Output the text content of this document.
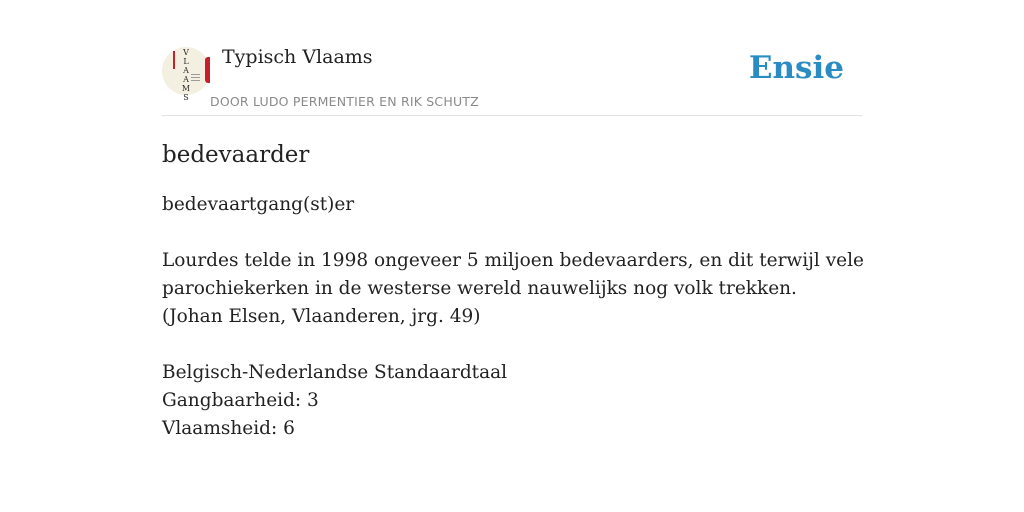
V
L
A
A
M
S
Typisch Vlaams
DOOR LUDO PERMENTIER EN RIK SCHUTZ
Ensie
bedevaarder
bedevaartgang(st)er
Lourdes telde in 1998 ongeveer 5 miljoen bedevaarders, en dit terwijl vele
parochiekerken in de westerse wereld nauwelijks nog volk trekken.
(Johan Elsen, Vlaanderen, jrg. 49)
Belgisch-Nederlandse Standaardtaal
Gangbaarheid: 3
Vlaamsheid: 6
